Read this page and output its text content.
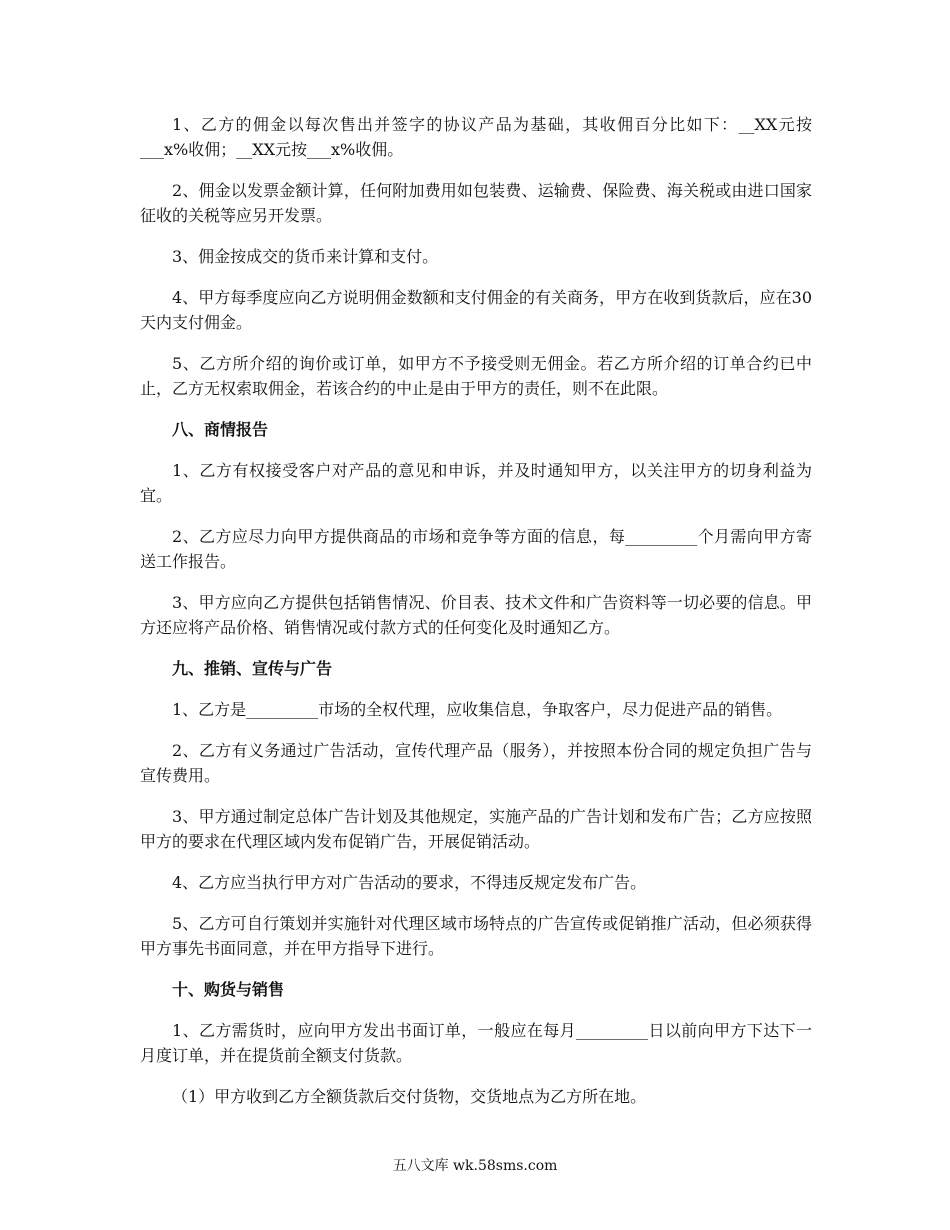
1、乙方的佣金以每次售出并签字的协议产品为基础，其收佣百分比如下：__XX元按___x%收佣；__XX元按___x%收佣。

2、佣金以发票金额计算，任何附加费用如包装费、运输费、保险费、海关税或由进口国家征收的关税等应另开发票。

3、佣金按成交的货币来计算和支付。

4、甲方每季度应向乙方说明佣金数额和支付佣金的有关商务，甲方在收到货款后，应在30天内支付佣金。

5、乙方所介绍的询价或订单，如甲方不予接受则无佣金。若乙方所介绍的订单合约已中止，乙方无权索取佣金，若该合约的中止是由于甲方的责任，则不在此限。

八、商情报告

1、乙方有权接受客户对产品的意见和申诉，并及时通知甲方，以关注甲方的切身利益为宜。

2、乙方应尽力向甲方提供商品的市场和竞争等方面的信息，每_________个月需向甲方寄送工作报告。

3、甲方应向乙方提供包括销售情况、价目表、技术文件和广告资料等一切必要的信息。甲方还应将产品价格、销售情况或付款方式的任何变化及时通知乙方。

九、推销、宣传与广告

1、乙方是_________市场的全权代理，应收集信息，争取客户，尽力促进产品的销售。

2、乙方有义务通过广告活动，宣传代理产品（服务），并按照本份合同的规定负担广告与宣传费用。

3、甲方通过制定总体广告计划及其他规定，实施产品的广告计划和发布广告；乙方应按照甲方的要求在代理区域内发布促销广告，开展促销活动。

4、乙方应当执行甲方对广告活动的要求，不得违反规定发布广告。

5、乙方可自行策划并实施针对代理区域市场特点的广告宣传或促销推广活动，但必须获得甲方事先书面同意，并在甲方指导下进行。

十、购货与销售

1、乙方需货时，应向甲方发出书面订单，一般应在每月_________日以前向甲方下达下一月度订单，并在提货前全额支付货款。

（1）甲方收到乙方全额货款后交付货物，交货地点为乙方所在地。

五八文库 wk.58sms.com
